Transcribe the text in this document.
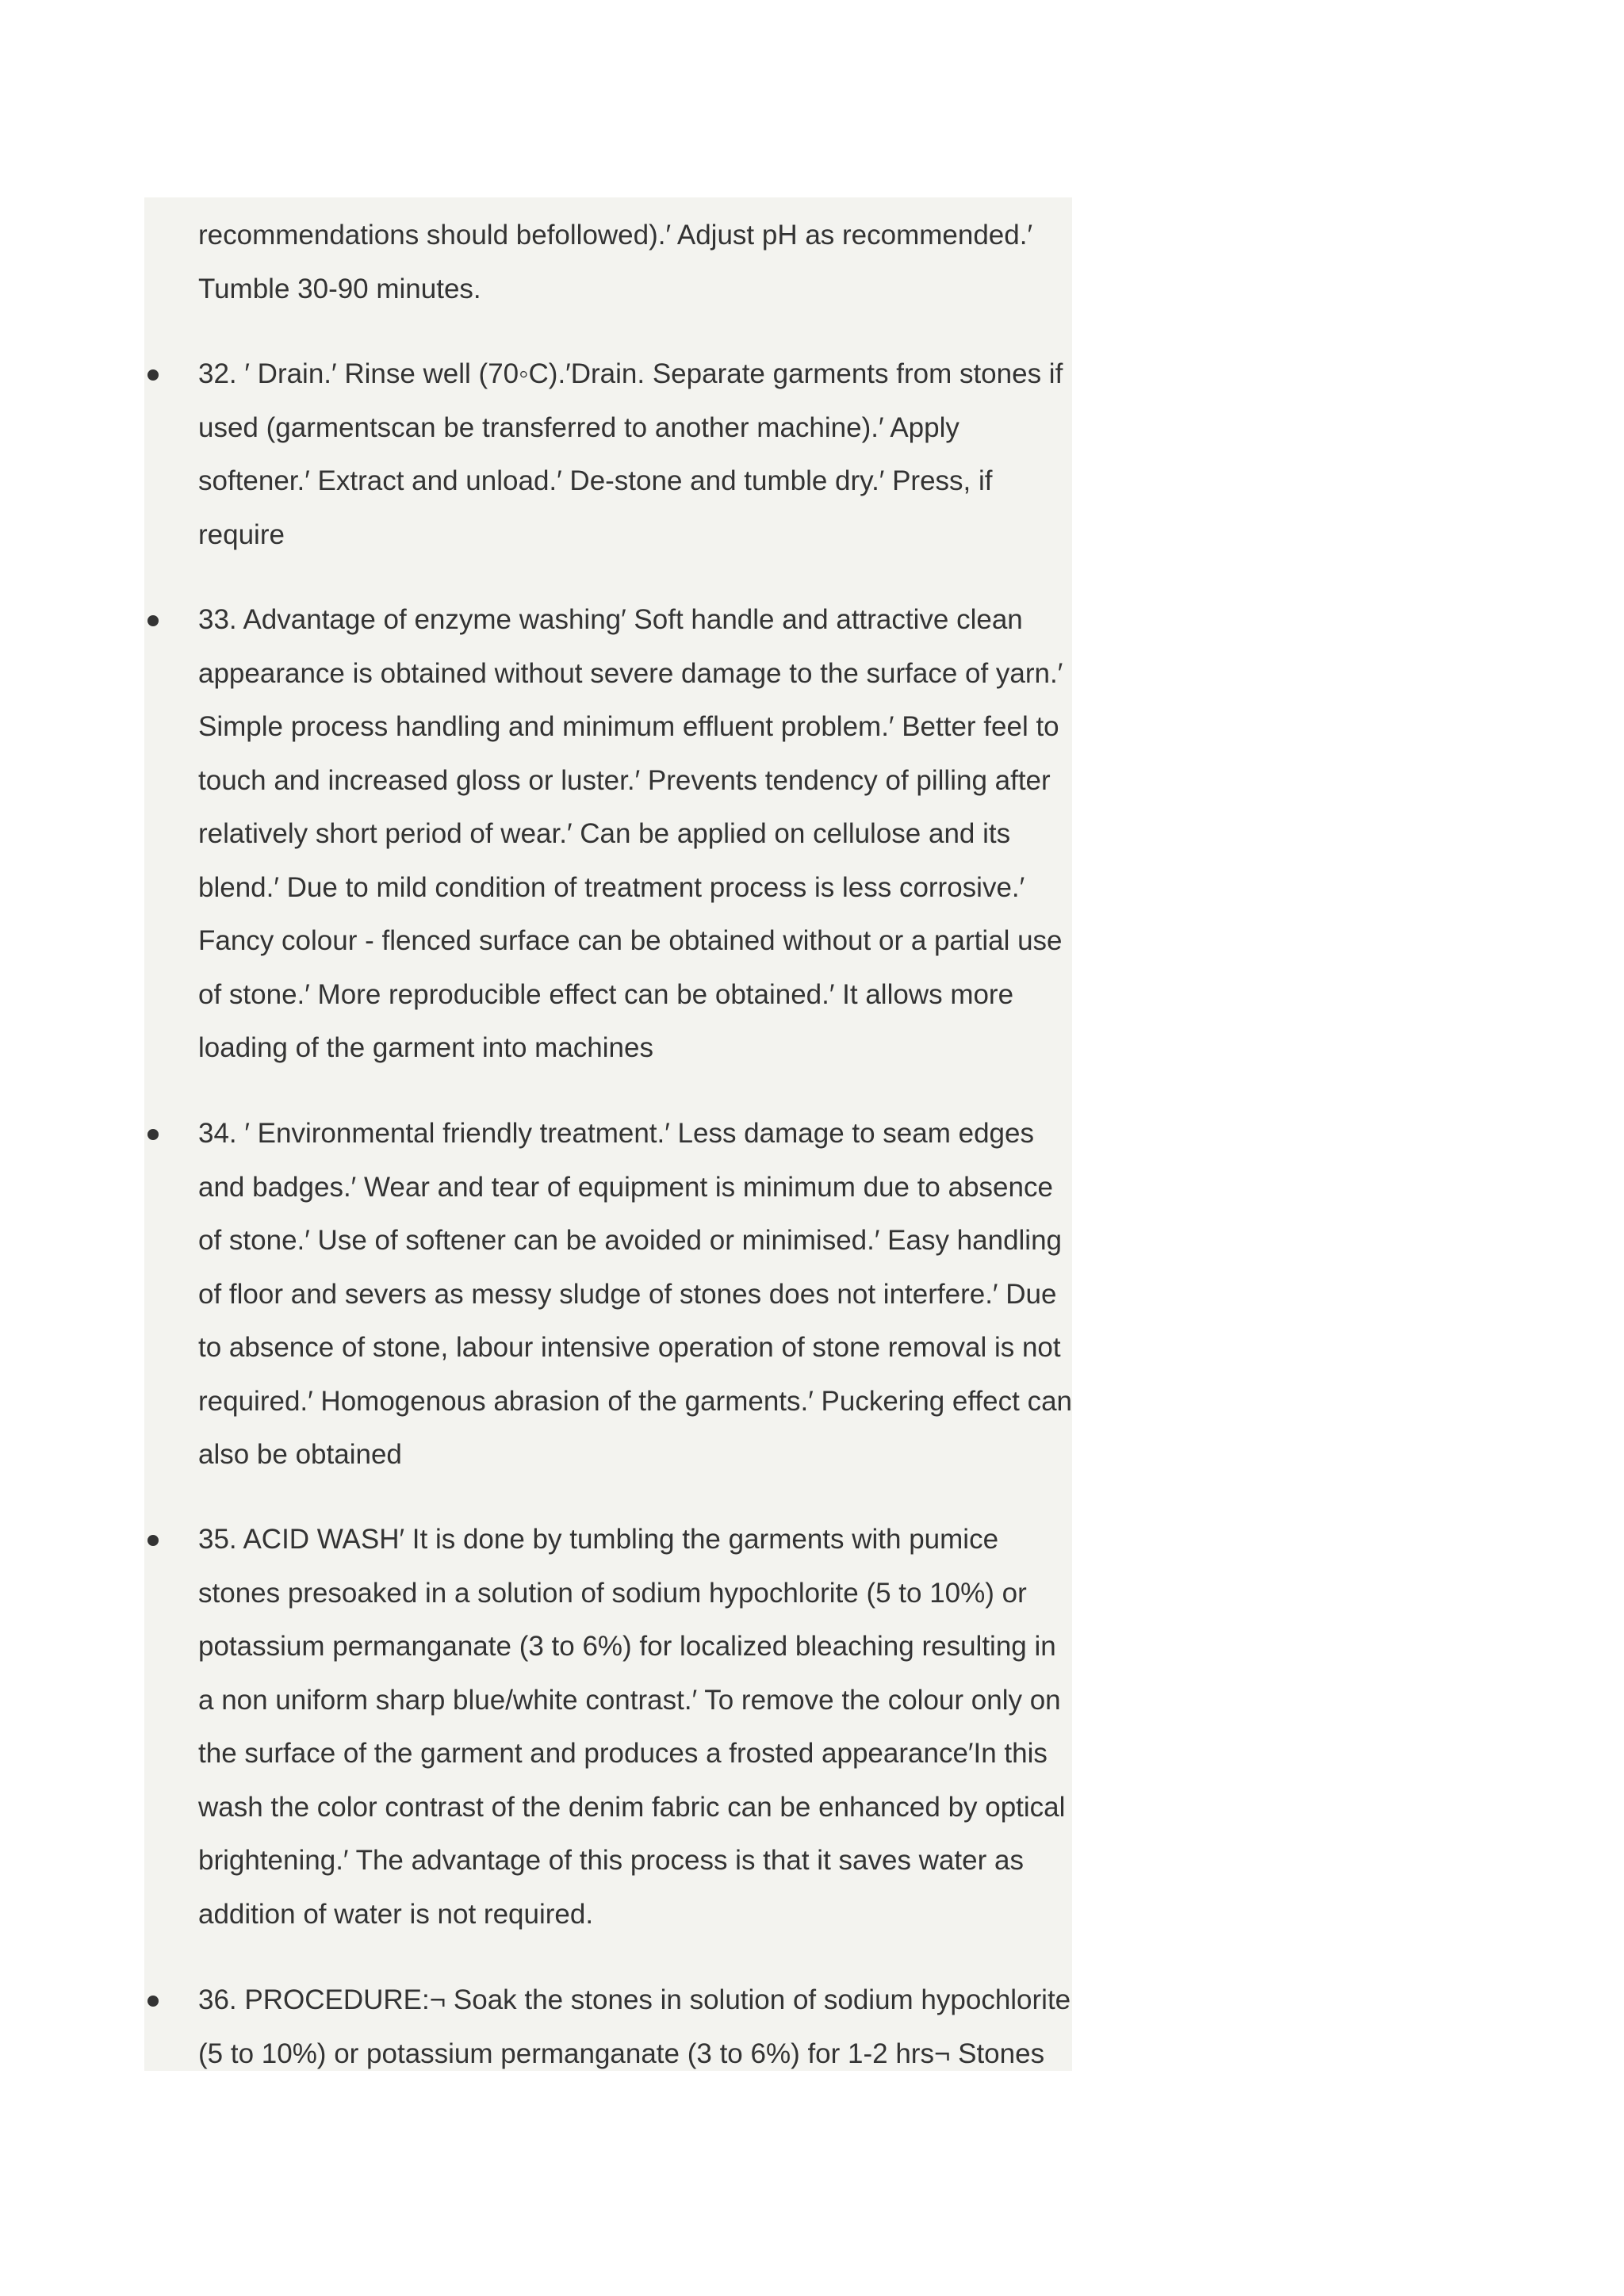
recommendations should befollowed).′ Adjust pH as recommended.′
Tumble 30-90 minutes.

32. ′ Drain.′ Rinse well (70◦C).′Drain. Separate garments from stones if
used (garmentscan be transferred to another machine).′ Apply
softener.′ Extract and unload.′ De-stone and tumble dry.′ Press, if
require

33. Advantage of enzyme washing′ Soft handle and attractive clean
appearance is obtained without severe damage to the surface of yarn.′
Simple process handling and minimum effluent problem.′ Better feel to
touch and increased gloss or luster.′ Prevents tendency of pilling after
relatively short period of wear.′ Can be applied on cellulose and its
blend.′ Due to mild condition of treatment process is less corrosive.′
Fancy colour - flenced surface can be obtained without or a partial use
of stone.′ More reproducible effect can be obtained.′ It allows more
loading of the garment into machines

34. ′ Environmental friendly treatment.′ Less damage to seam edges
and badges.′ Wear and tear of equipment is minimum due to absence
of stone.′ Use of softener can be avoided or minimised.′ Easy handling
of floor and severs as messy sludge of stones does not interfere.′ Due
to absence of stone, labour intensive operation of stone removal is not
required.′ Homogenous abrasion of the garments.′ Puckering effect can
also be obtained

35. ACID WASH′ It is done by tumbling the garments with pumice
stones presoaked in a solution of sodium hypochlorite (5 to 10%) or
potassium permanganate (3 to 6%) for localized bleaching resulting in
a non uniform sharp blue/white contrast.′ To remove the colour only on
the surface of the garment and produces a frosted appearance′In this
wash the color contrast of the denim fabric can be enhanced by optical
brightening.′ The advantage of this process is that it saves water as
addition of water is not required.

36. PROCEDURE:¬ Soak the stones in solution of sodium hypochlorite
(5 to 10%) or potassium permanganate (3 to 6%) for 1-2 hrs¬ Stones
